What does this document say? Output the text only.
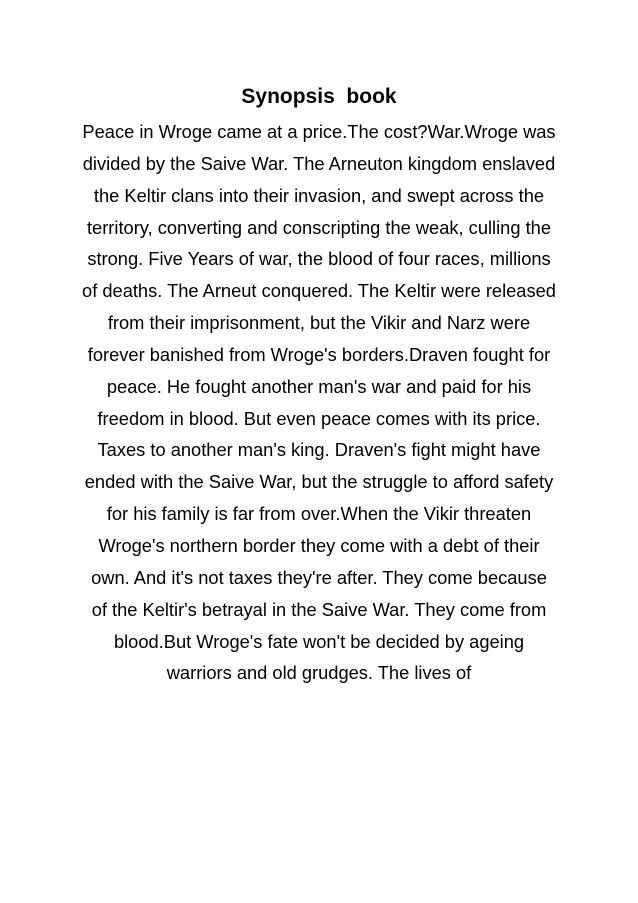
Synopsis  book
Peace in Wroge came at a price.The cost?War.Wroge was
divided by the Saive War. The Arneuton kingdom enslaved
the Keltir clans into their invasion, and swept across the
territory, converting and conscripting the weak, culling the
strong. Five Years of war, the blood of four races, millions
of deaths. The Arneut conquered. The Keltir were released
from their imprisonment, but the Vikir and Narz were
forever banished from Wroge's borders.Draven fought for
peace. He fought another man's war and paid for his
freedom in blood. But even peace comes with its price.
Taxes to another man's king. Draven's fight might have
ended with the Saive War, but the struggle to afford safety
for his family is far from over.When the Vikir threaten
Wroge's northern border they come with a debt of their
own. And it's not taxes they're after. They come because
of the Keltir's betrayal in the Saive War. They come from
blood.But Wroge's fate won't be decided by ageing
warriors and old grudges. The lives of
